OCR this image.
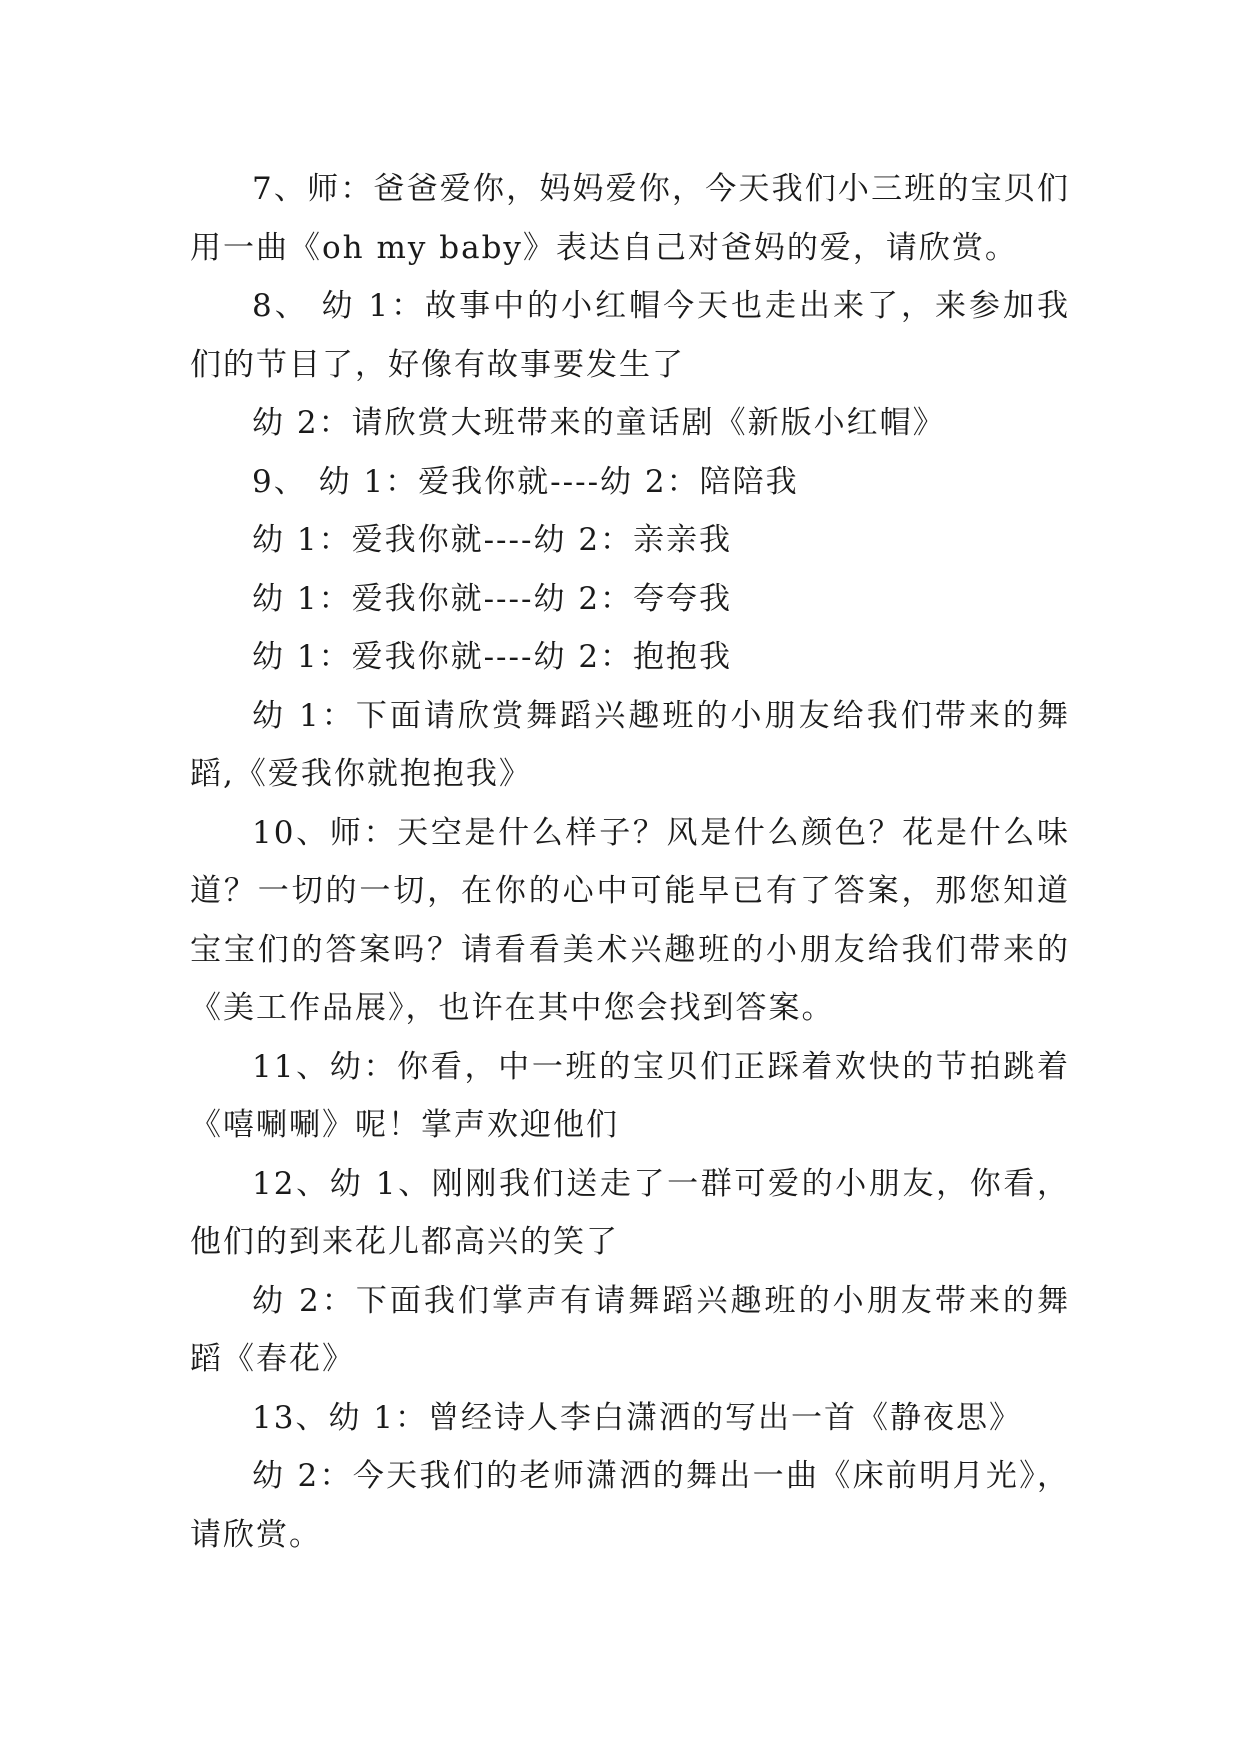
7、师：爸爸爱你，妈妈爱你，今天我们小三班的宝贝们用一曲《oh my baby》表达自己对爸妈的爱，请欣赏。

8、 幼 1：故事中的小红帽今天也走出来了，来参加我们的节目了，好像有故事要发生了

幼 2：请欣赏大班带来的童话剧《新版小红帽》

9、 幼 1：爱我你就----幼 2：陪陪我

幼 1：爱我你就----幼 2：亲亲我

幼 1：爱我你就----幼 2：夸夸我

幼 1：爱我你就----幼 2：抱抱我

幼 1：下面请欣赏舞蹈兴趣班的小朋友给我们带来的舞蹈,《爱我你就抱抱我》

10、师：天空是什么样子？风是什么颜色？花是什么味道？一切的一切，在你的心中可能早已有了答案，那您知道宝宝们的答案吗？请看看美术兴趣班的小朋友给我们带来的《美工作品展》，也许在其中您会找到答案。

11、幼：你看，中一班的宝贝们正踩着欢快的节拍跳着《嘻唰唰》呢！掌声欢迎他们

12、幼 1、刚刚我们送走了一群可爱的小朋友，你看，他们的到来花儿都高兴的笑了

幼 2：下面我们掌声有请舞蹈兴趣班的小朋友带来的舞蹈《春花》

13、幼 1：曾经诗人李白潇洒的写出一首《静夜思》

幼 2：今天我们的老师潇洒的舞出一曲《床前明月光》，请欣赏。
